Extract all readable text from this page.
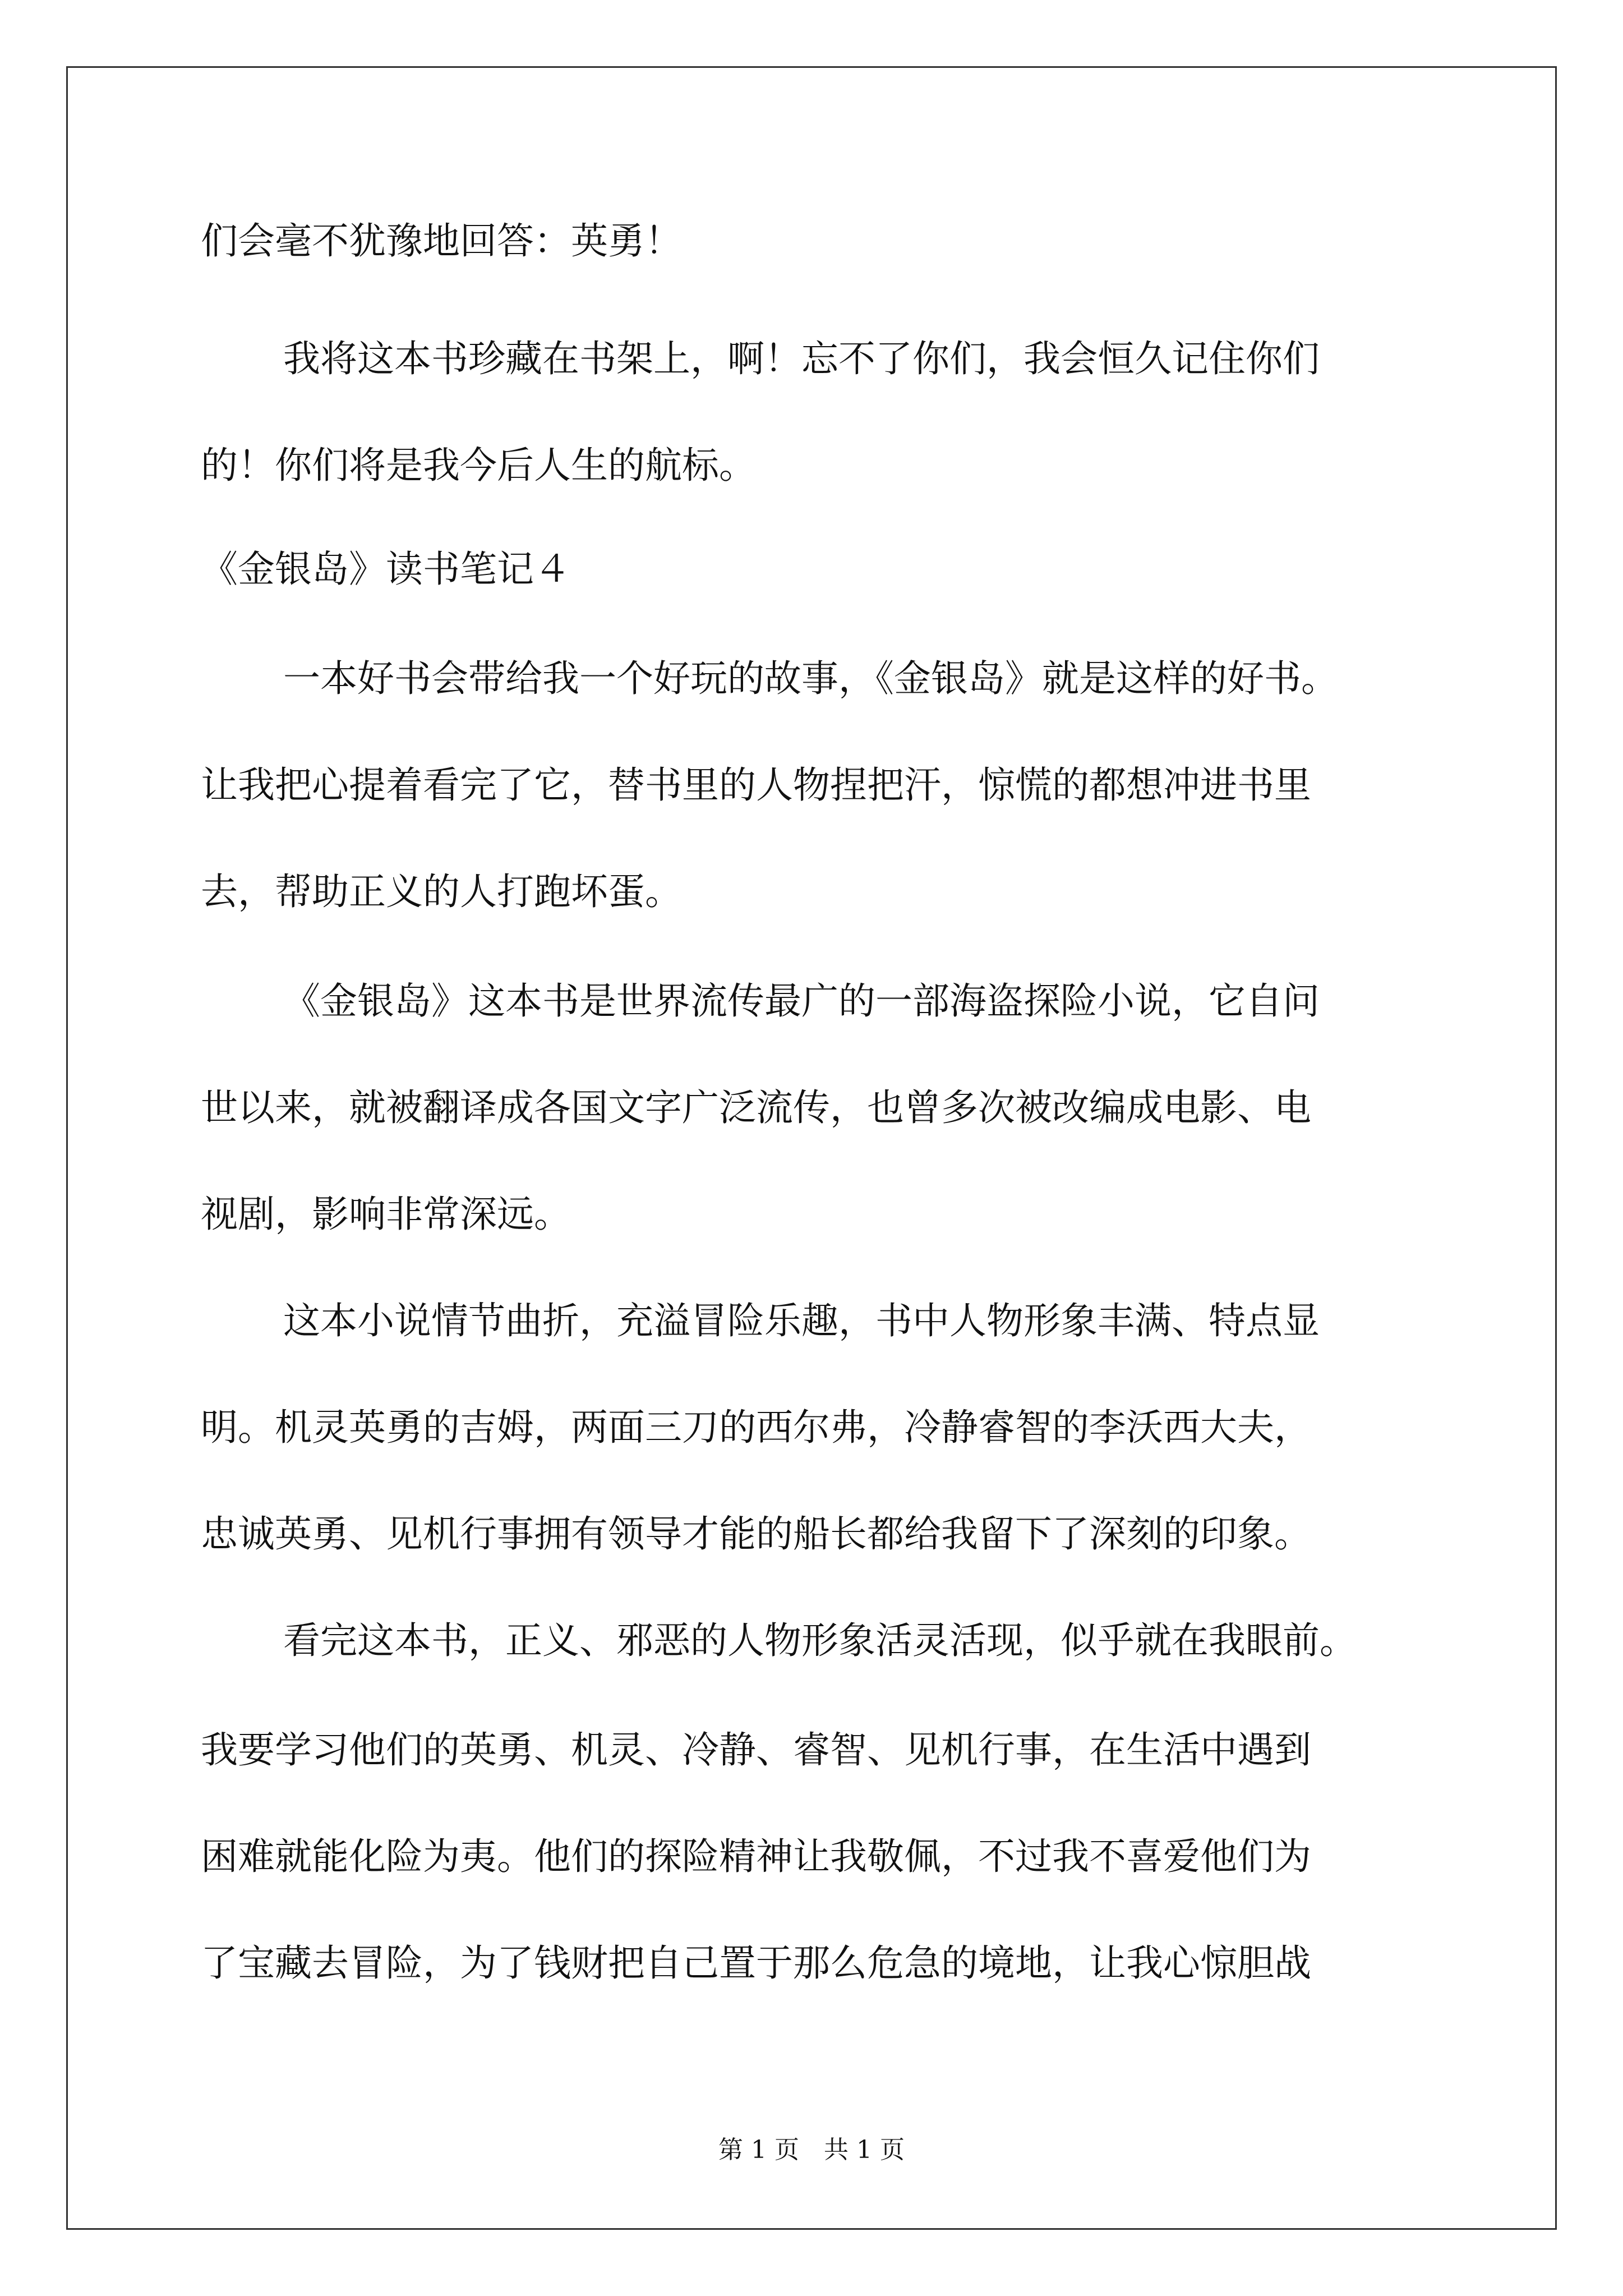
们会毫不犹豫地回答：英勇！
我将这本书珍藏在书架上，啊！忘不了你们，我会恒久记住你们
的！你们将是我今后人生的航标。
《金银岛》读书笔记４
一本好书会带给我一个好玩的故事，《金银岛》就是这样的好书。
让我把心提着看完了它，替书里的人物捏把汗，惊慌的都想冲进书里
去，帮助正义的人打跑坏蛋。
《金银岛》这本书是世界流传最广的一部海盗探险小说，它自问
世以来，就被翻译成各国文字广泛流传，也曾多次被改编成电影、电
视剧，影响非常深远。
这本小说情节曲折，充溢冒险乐趣，书中人物形象丰满、特点显
明。机灵英勇的吉姆，两面三刀的西尔弗，冷静睿智的李沃西大夫，
忠诚英勇、见机行事拥有领导才能的船长都给我留下了深刻的印象。
看完这本书，正义、邪恶的人物形象活灵活现，似乎就在我眼前。
我要学习他们的英勇、机灵、冷静、睿智、见机行事，在生活中遇到
困难就能化险为夷。他们的探险精神让我敬佩，不过我不喜爱他们为
了宝藏去冒险，为了钱财把自己置于那么危急的境地，让我心惊胆战
第 1 页　共 1 页
